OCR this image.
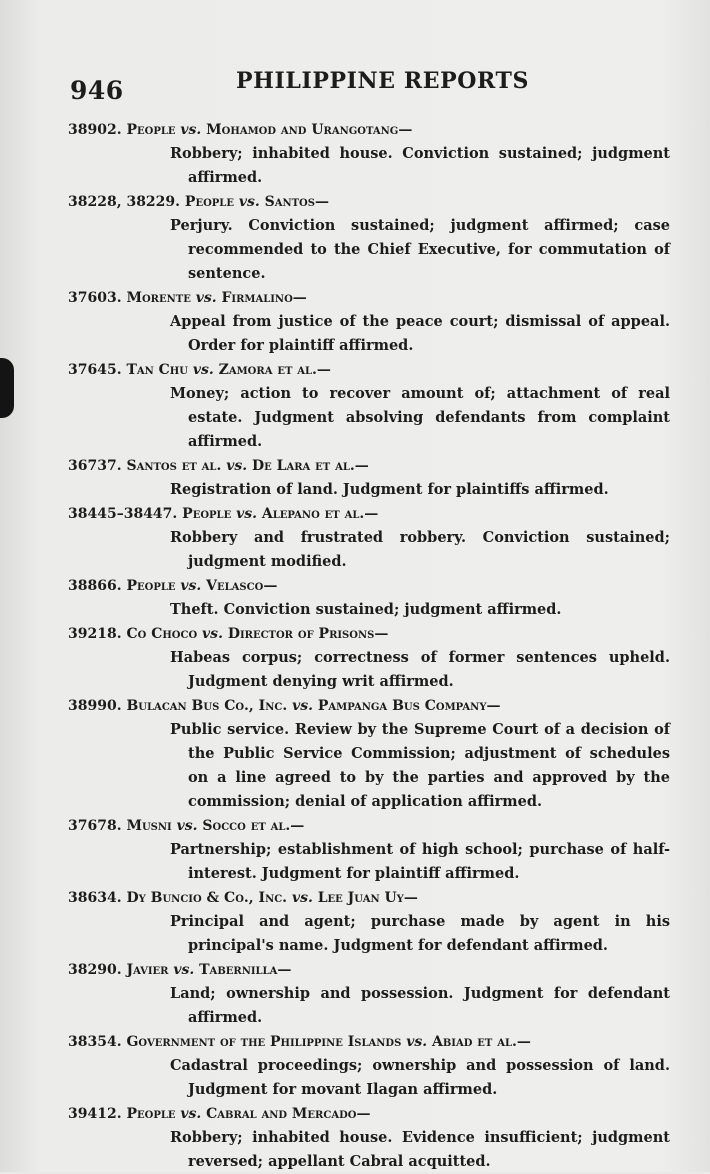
946	PHILIPPINE REPORTS
38902. People vs. Mohamod and Urangotang—
Robbery; inhabited house. Conviction sustained; judgment affirmed.
38228, 38229. People vs. Santos—
Perjury. Conviction sustained; judgment affirmed; case recommended to the Chief Executive, for commutation of sentence.
37603. Morente vs. Firmalino—
Appeal from justice of the peace court; dismissal of appeal. Order for plaintiff affirmed.
37645. Tan Chu vs. Zamora et al.—
Money; action to recover amount of; attachment of real estate. Judgment absolving defendants from complaint affirmed.
36737. Santos et al. vs. De Lara et al.—
Registration of land. Judgment for plaintiffs affirmed.
38445–38447. People vs. Alepano et al.—
Robbery and frustrated robbery. Conviction sustained; judgment modified.
38866. People vs. Velasco—
Theft. Conviction sustained; judgment affirmed.
39218. Co Choco vs. Director of Prisons—
Habeas corpus; correctness of former sentences upheld. Judgment denying writ affirmed.
38990. Bulacan Bus Co., Inc. vs. Pampanga Bus Company—
Public service. Review by the Supreme Court of a decision of the Public Service Commission; adjustment of schedules on a line agreed to by the parties and approved by the commission; denial of application affirmed.
37678. Musni vs. Socco et al.—
Partnership; establishment of high school; purchase of half-interest. Judgment for plaintiff affirmed.
38634. Dy Buncio & Co., Inc. vs. Lee Juan Uy—
Principal and agent; purchase made by agent in his principal's name. Judgment for defendant affirmed.
38290. Javier vs. Tabernilla—
Land; ownership and possession. Judgment for defendant affirmed.
38354. Government of the Philippine Islands vs. Abiad et al.—
Cadastral proceedings; ownership and possession of land. Judgment for movant Ilagan affirmed.
39412. People vs. Cabral and Mercado—
Robbery; inhabited house. Evidence insufficient; judgment reversed; appellant Cabral acquitted.
